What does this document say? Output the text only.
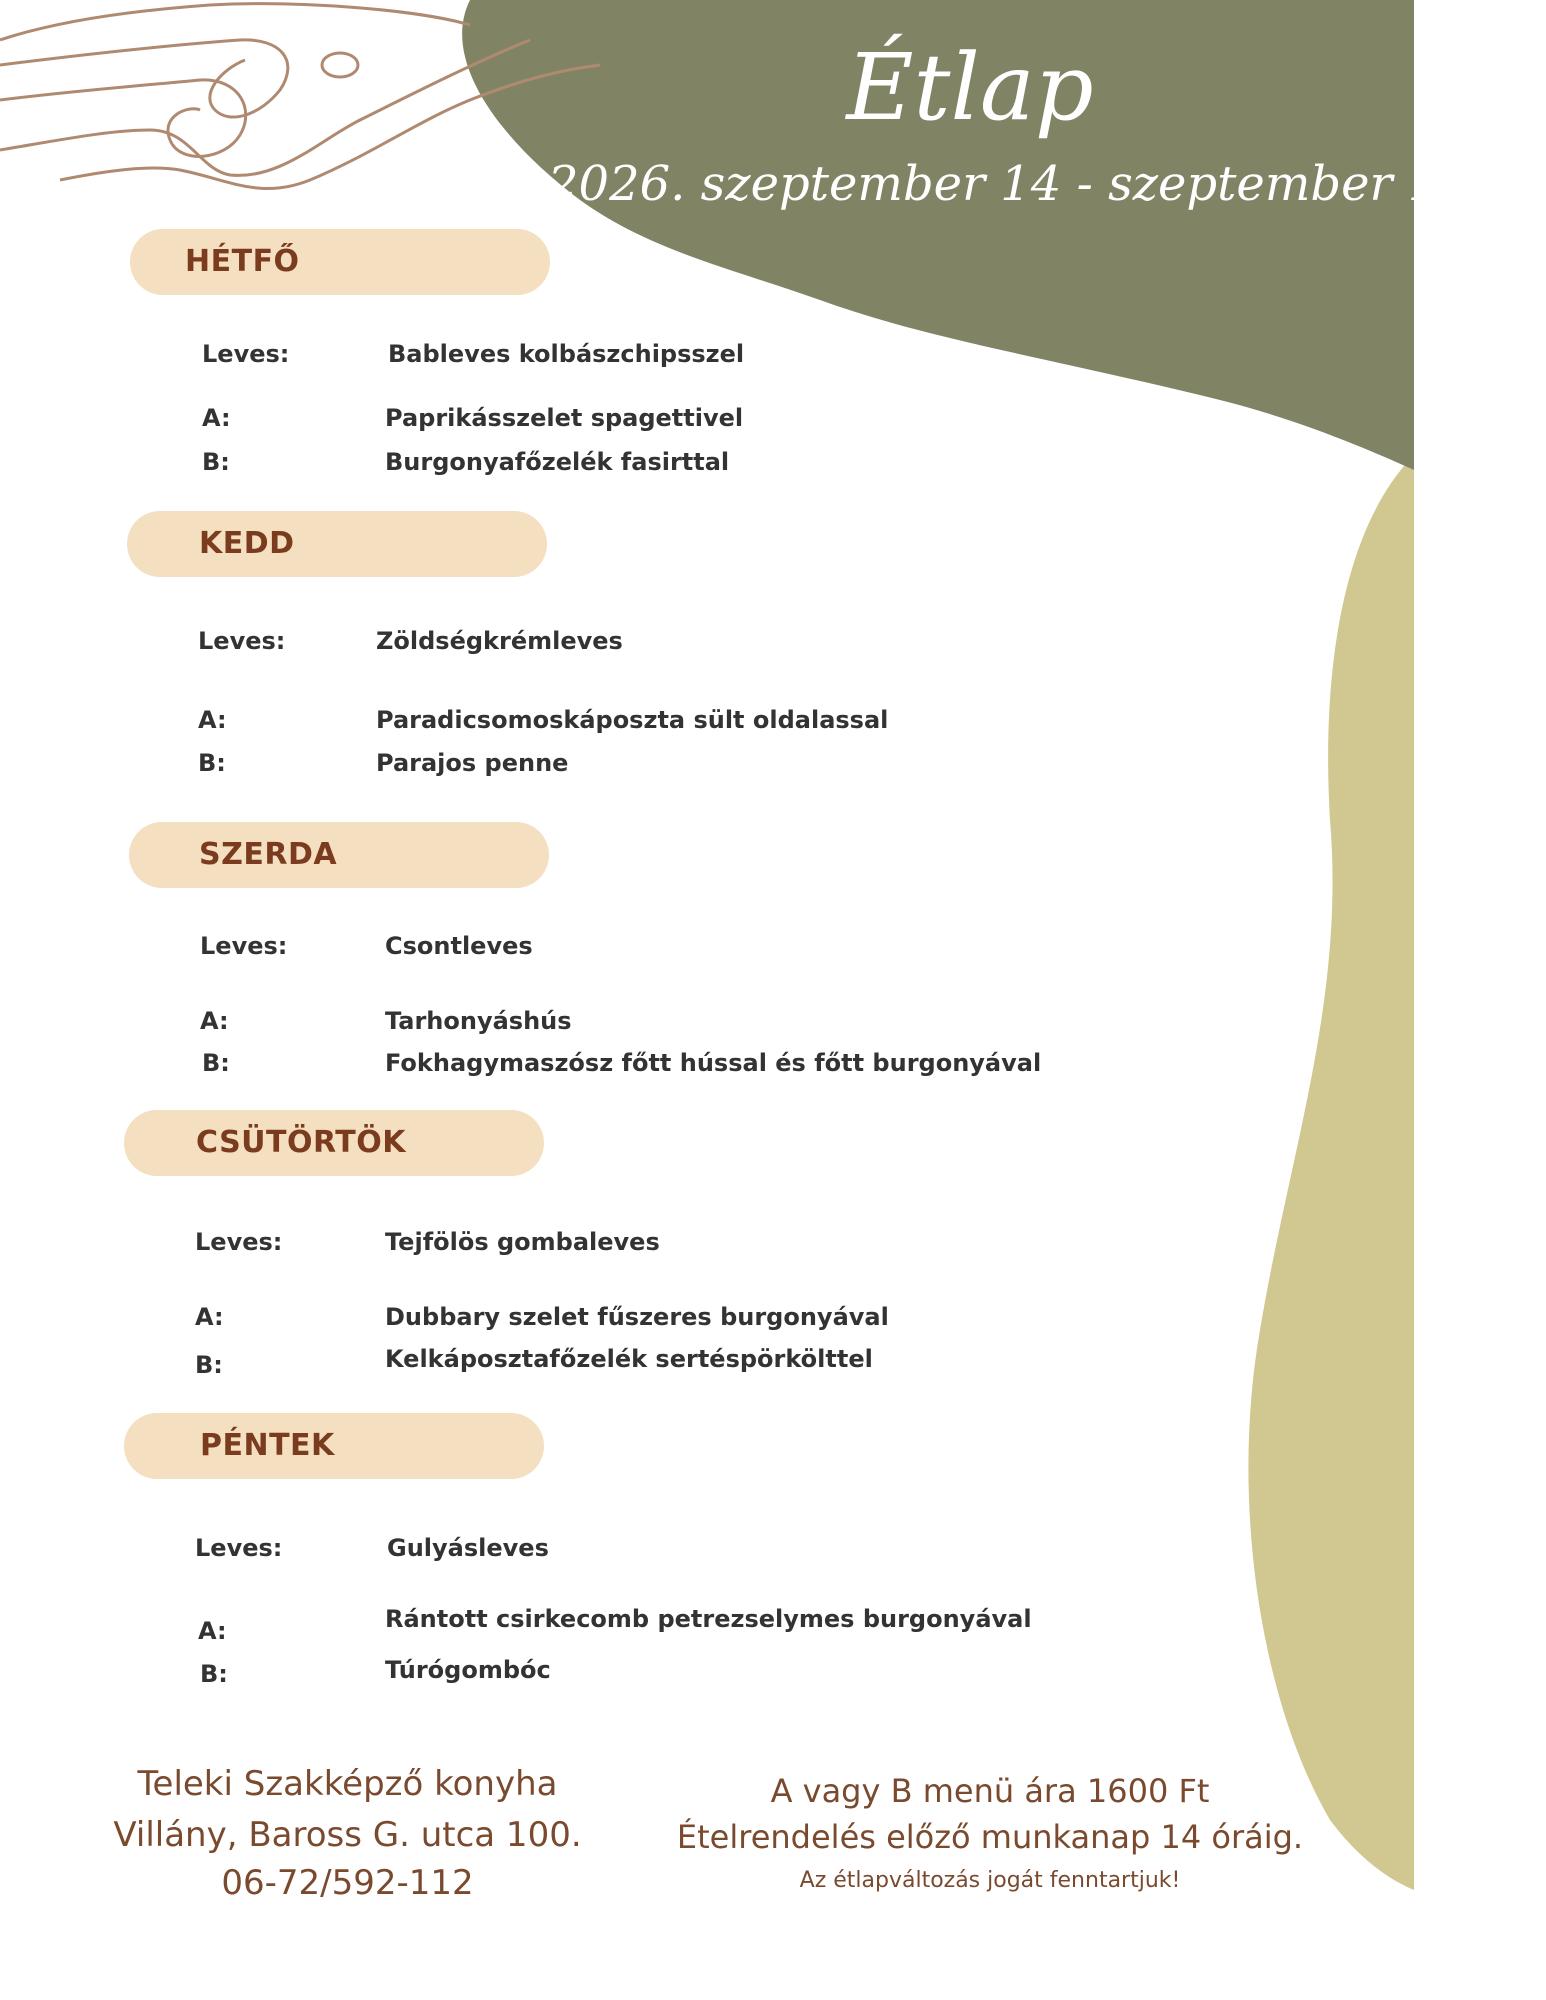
Étlap
2026. szeptember 14 - szeptember 18-ig.
HÉTFŐ
Leves:	Bableves kolbászchipsszel
A:	Paprikásszelet spagettivel
B:	Burgonyafőzelék fasirttal
KEDD
Leves:	Zöldségkrémleves
A:	Paradicsomoskáposzta sült oldalassal
B:	Parajos penne
SZERDA
Leves:	Csontleves
A:	Tarhonyáshús
B:	Fokhagymaszósz főtt hússal és főtt burgonyával
CSÜTÖRTÖK
Leves:	Tejfölös gombaleves
A:	Dubbary szelet fűszeres burgonyával
B:	Kelkáposztafőzelék sertéspörkölttel
PÉNTEK
Leves:	Gulyásleves
A:	Rántott csirkecomb petrezselymes burgonyával
B:	Túrógombóc
Teleki Szakképző konyha
Villány, Baross G. utca 100.
06-72/592-112
A vagy B menü ára 1600 Ft
Ételrendelés előző munkanap 14 óráig.
Az étlapváltozás jogát fenntartjuk!
